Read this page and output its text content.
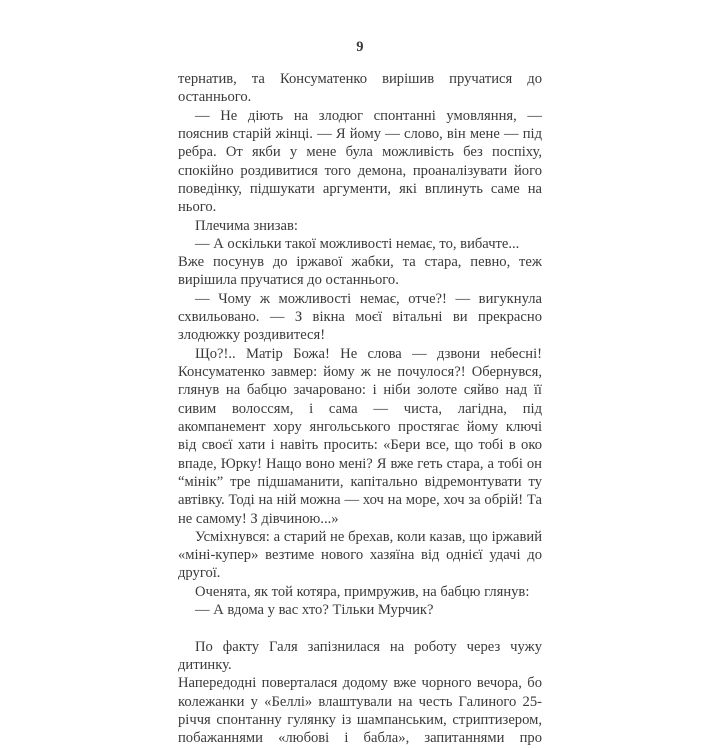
9

тернатив, та Консуматенко вирішив пручатися до останнього.

— Не діють на злодюг спонтанні умовляння, — пояснив старій жінці. — Я йому — слово, він мене — під ребра. От якби у мене була можливість без поспіху, спокійно роздивитися того демона, проаналізувати його поведінку, підшукати аргументи, які вплинуть саме на нього.

Плечима знизав:

— А оскільки такої можливості немає, то, вибачте...

Вже посунув до іржавої жабки, та стара, певно, теж вирішила пручатися до останнього.

— Чому ж можливості немає, отче?! — вигукнула схвильовано. — З вікна моєї вітальні ви прекрасно злодюжку роздивитеся!

Що?!.. Матір Божа! Не слова — дзвони небесні! Консуматенко завмер: йому ж не почулося?! Обернувся, глянув на бабцю зачаровано: і ніби золоте сяйво над її сивим волоссям, і сама — чиста, лагідна, під акомпанемент хору янгольського простягає йому ключі від своєї хати і навіть просить: «Бери все, що тобі в око впаде, Юрку! Нащо воно мені? Я вже геть стара, а тобі он “мінік” тре підшаманити, капітально відремонтувати ту автівку. Тоді на ній можна — хоч на море, хоч за обрій! Та не самому! З дівчиною...»

Усміхнувся: а старий не брехав, коли казав, що іржавий «міні-купер» везтиме нового хазяїна від однієї удачі до другої.

Оченята, як той котяра, примружив, на бабцю глянув:

— А вдома у вас хто? Тільки Мурчик?

По факту Галя запізнилася на роботу через чужу дитинку.

Напередодні поверталася додому вже чорного вечора, бо колежанки у «Беллі» влаштували на честь Галиного 25-річчя спонтанну гулянку із шампанським, стриптизером, побажаннями «любові і бабла», запитаннями про
